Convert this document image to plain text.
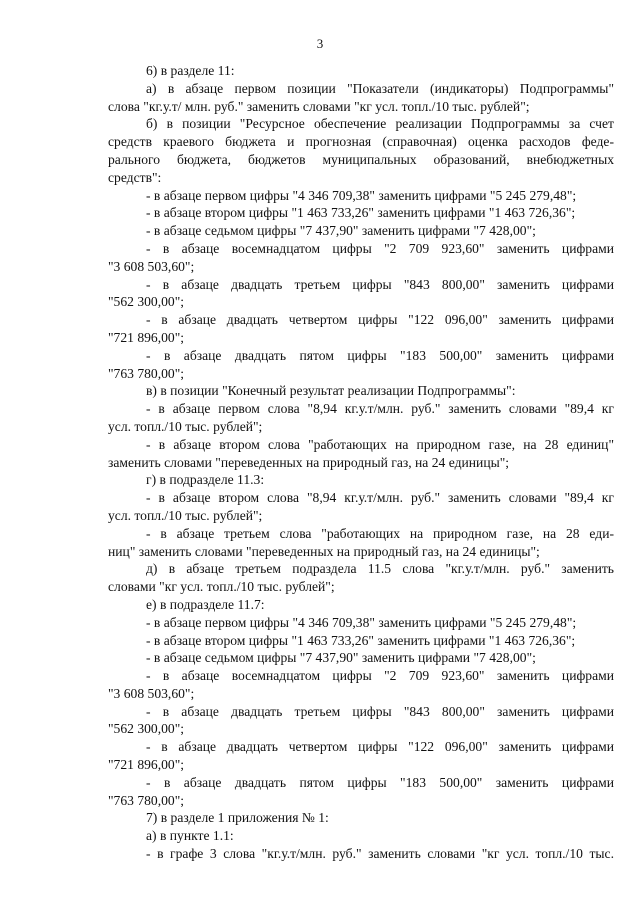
3
6) в разделе 11:
а) в абзаце первом позиции "Показатели (индикаторы) Подпрограммы"
слова "кг.у.т/ млн. руб." заменить словами "кг усл. топл./10 тыс. рублей";
б) в позиции "Ресурсное обеспечение реализации Подпрограммы за счет
средств краевого бюджета и прогнозная (справочная) оценка расходов феде-
рального бюджета, бюджетов муниципальных образований, внебюджетных
средств":
- в абзаце первом цифры "4 346 709,38" заменить цифрами "5 245 279,48";
- в абзаце втором цифры "1 463 733,26" заменить цифрами "1 463 726,36";
- в абзаце седьмом цифры "7 437,90" заменить цифрами "7 428,00";
- в абзаце восемнадцатом цифры "2 709 923,60" заменить цифрами
"3 608 503,60";
- в абзаце двадцать третьем цифры "843 800,00" заменить цифрами
"562 300,00";
- в абзаце двадцать четвертом цифры "122 096,00" заменить цифрами
"721 896,00";
- в абзаце двадцать пятом цифры "183 500,00" заменить цифрами
"763 780,00";
в) в позиции "Конечный результат реализации Подпрограммы":
- в абзаце первом слова "8,94 кг.у.т/млн. руб." заменить словами "89,4 кг
усл. топл./10 тыс. рублей";
- в абзаце втором слова "работающих на природном газе, на 28 единиц"
заменить словами "переведенных на природный газ, на 24 единицы";
г) в подразделе 11.3:
- в абзаце втором слова "8,94 кг.у.т/млн. руб." заменить словами "89,4 кг
усл. топл./10 тыс. рублей";
- в абзаце третьем слова "работающих на природном газе, на 28 еди-
ниц" заменить словами "переведенных на природный газ, на 24 единицы";
д) в абзаце третьем подраздела 11.5 слова "кг.у.т/млн. руб." заменить
словами "кг усл. топл./10 тыс. рублей";
е) в подразделе 11.7:
- в абзаце первом цифры "4 346 709,38" заменить цифрами "5 245 279,48";
- в абзаце втором цифры "1 463 733,26" заменить цифрами "1 463 726,36";
- в абзаце седьмом цифры "7 437,90" заменить цифрами "7 428,00";
- в абзаце восемнадцатом цифры "2 709 923,60" заменить цифрами
"3 608 503,60";
- в абзаце двадцать третьем цифры "843 800,00" заменить цифрами
"562 300,00";
- в абзаце двадцать четвертом цифры "122 096,00" заменить цифрами
"721 896,00";
- в абзаце двадцать пятом цифры "183 500,00" заменить цифрами
"763 780,00";
7) в разделе 1 приложения № 1:
а) в пункте 1.1:
- в графе 3 слова "кг.у.т/млн. руб." заменить словами "кг усл. топл./10 тыс.
